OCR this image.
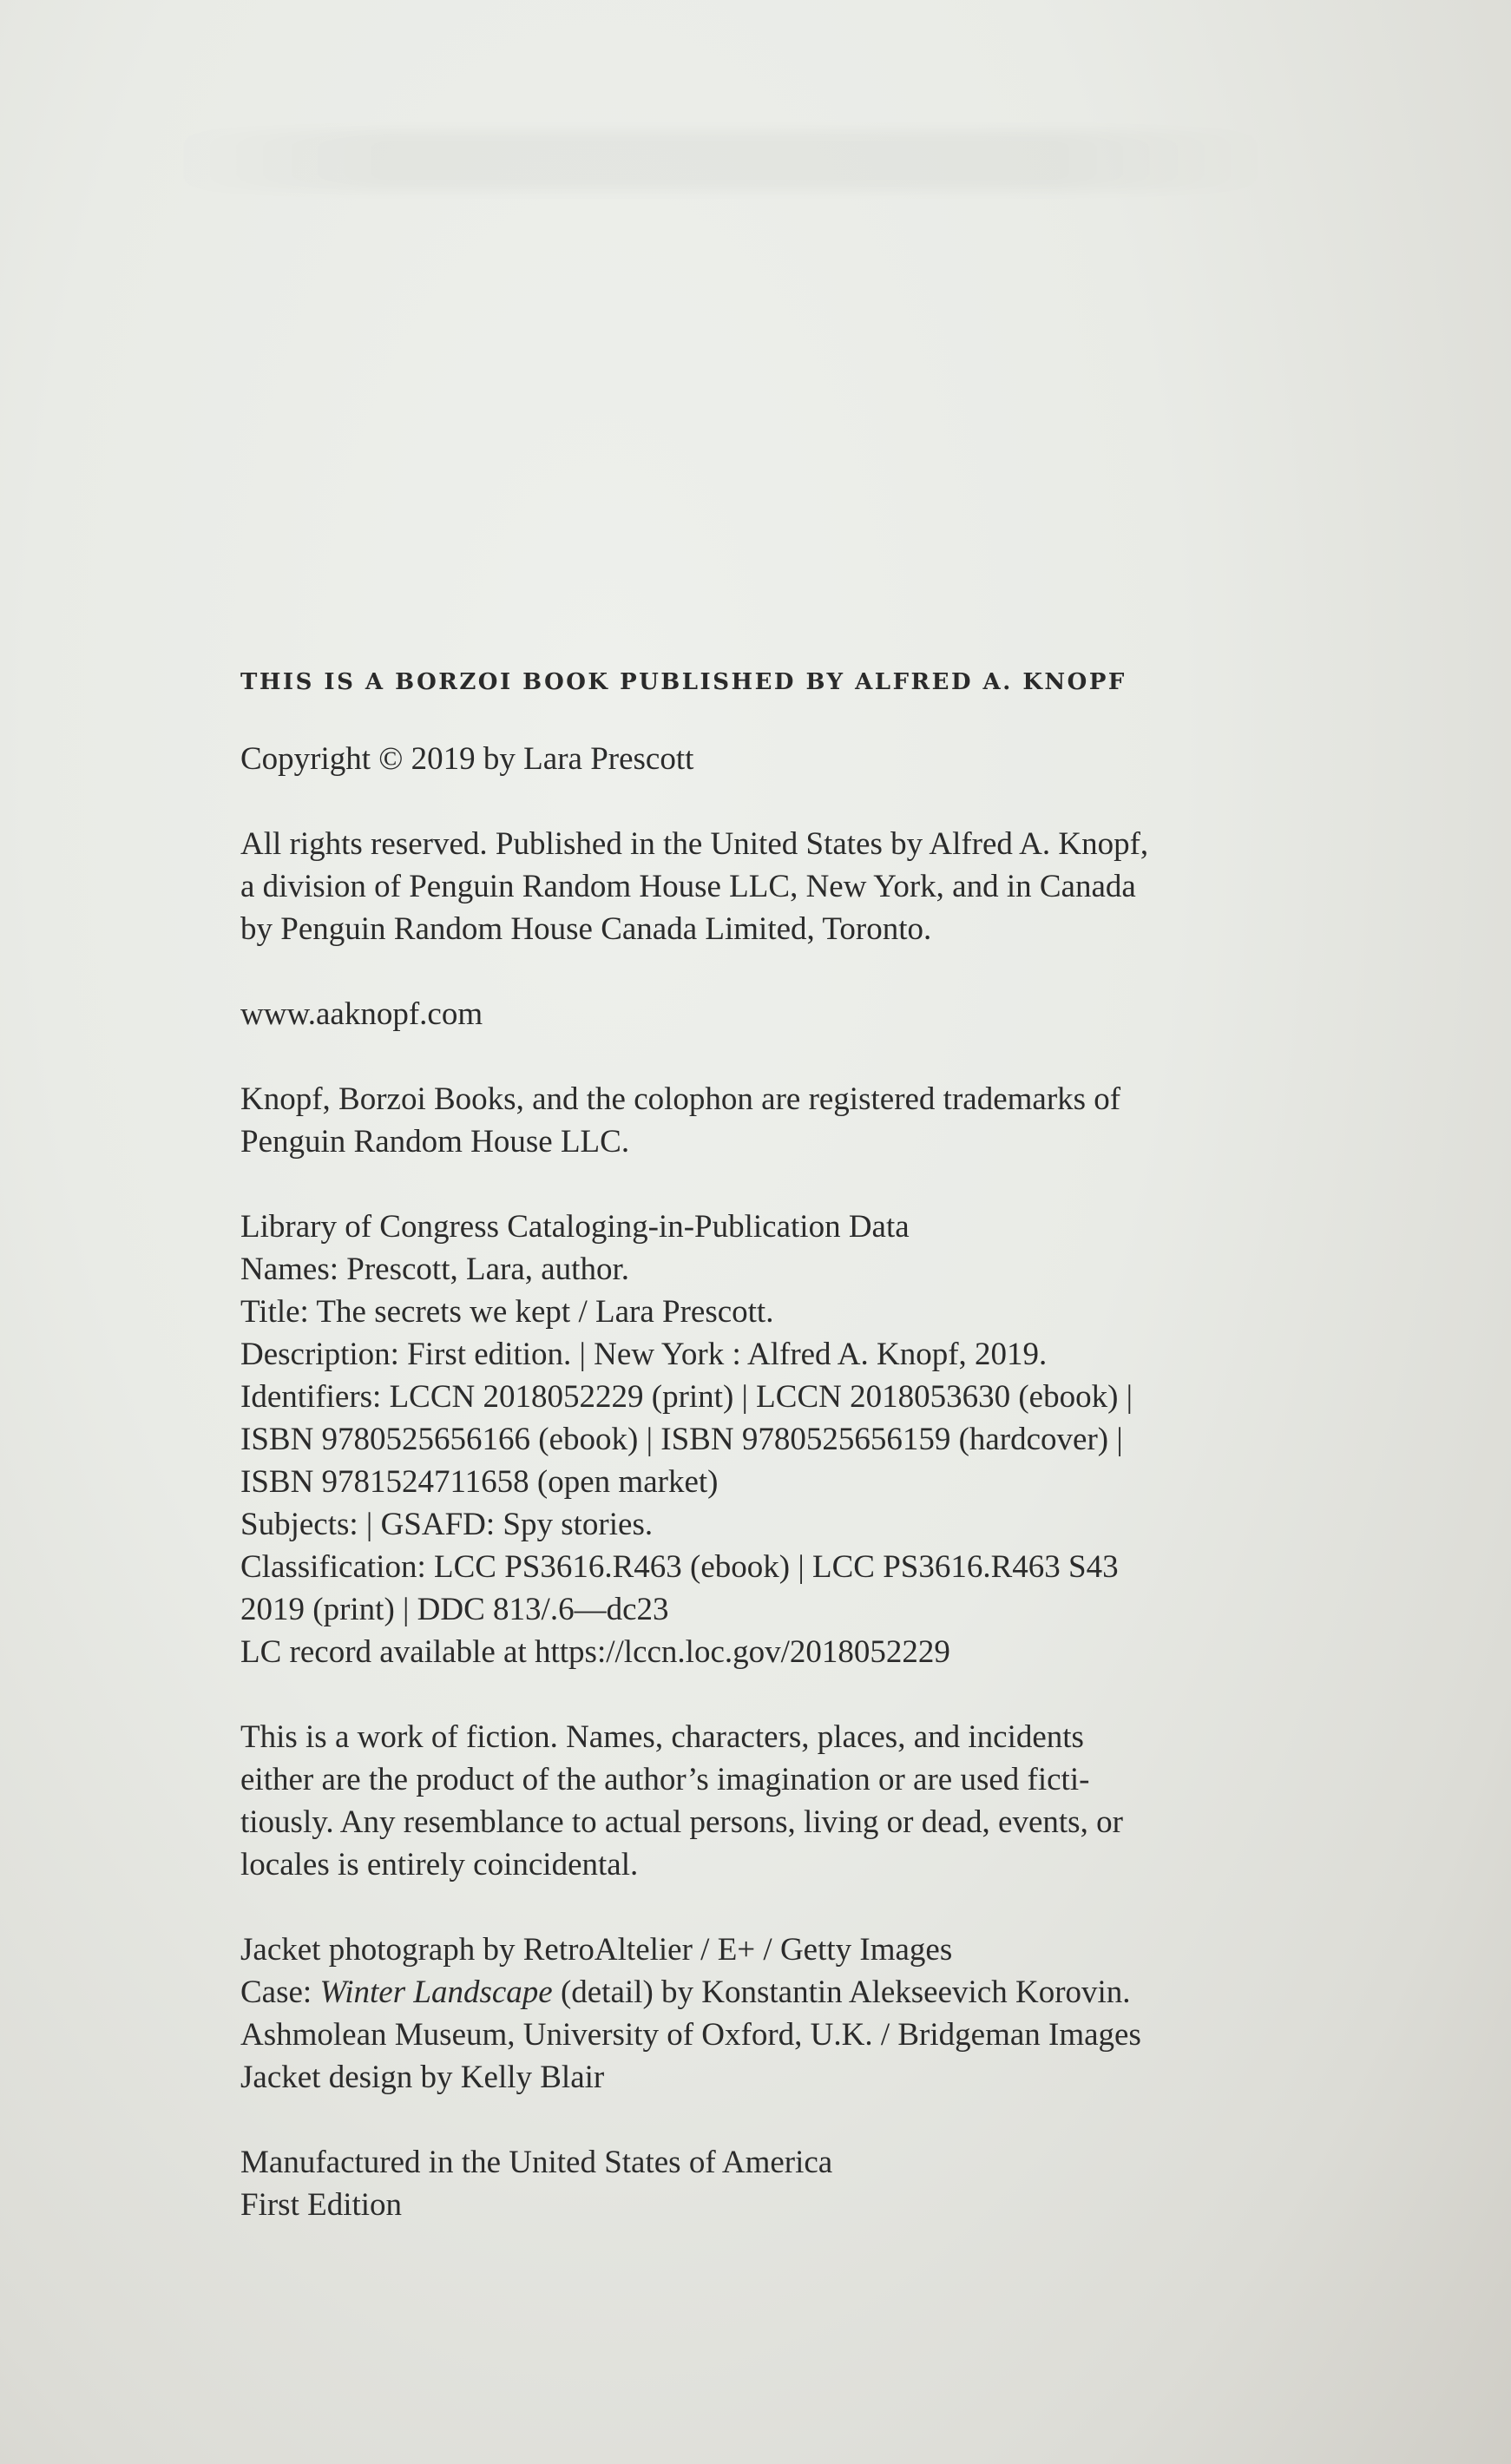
THIS IS A BORZOI BOOK PUBLISHED BY ALFRED A. KNOPF
Copyright © 2019 by Lara Prescott
All rights reserved. Published in the United States by Alfred A. Knopf,
a division of Penguin Random House LLC, New York, and in Canada
by Penguin Random House Canada Limited, Toronto.
www.aaknopf.com
Knopf, Borzoi Books, and the colophon are registered trademarks of
Penguin Random House LLC.
Library of Congress Cataloging-in-Publication Data
Names: Prescott, Lara, author.
Title: The secrets we kept / Lara Prescott.
Description: First edition. | New York : Alfred A. Knopf, 2019.
Identifiers: LCCN 2018052229 (print) | LCCN 2018053630 (ebook) |
ISBN 9780525656166 (ebook) | ISBN 9780525656159 (hardcover) |
ISBN 9781524711658 (open market)
Subjects: | GSAFD: Spy stories.
Classification: LCC PS3616.R463 (ebook) | LCC PS3616.R463 S43
2019 (print) | DDC 813/.6—dc23
LC record available at https://lccn.loc.gov/2018052229
This is a work of fiction. Names, characters, places, and incidents
either are the product of the author’s imagination or are used ficti-
tiously. Any resemblance to actual persons, living or dead, events, or
locales is entirely coincidental.
Jacket photograph by RetroAltelier / E+ / Getty Images
Case: Winter Landscape (detail) by Konstantin Alekseevich Korovin.
Ashmolean Museum, University of Oxford, U.K. / Bridgeman Images
Jacket design by Kelly Blair
Manufactured in the United States of America
First Edition
